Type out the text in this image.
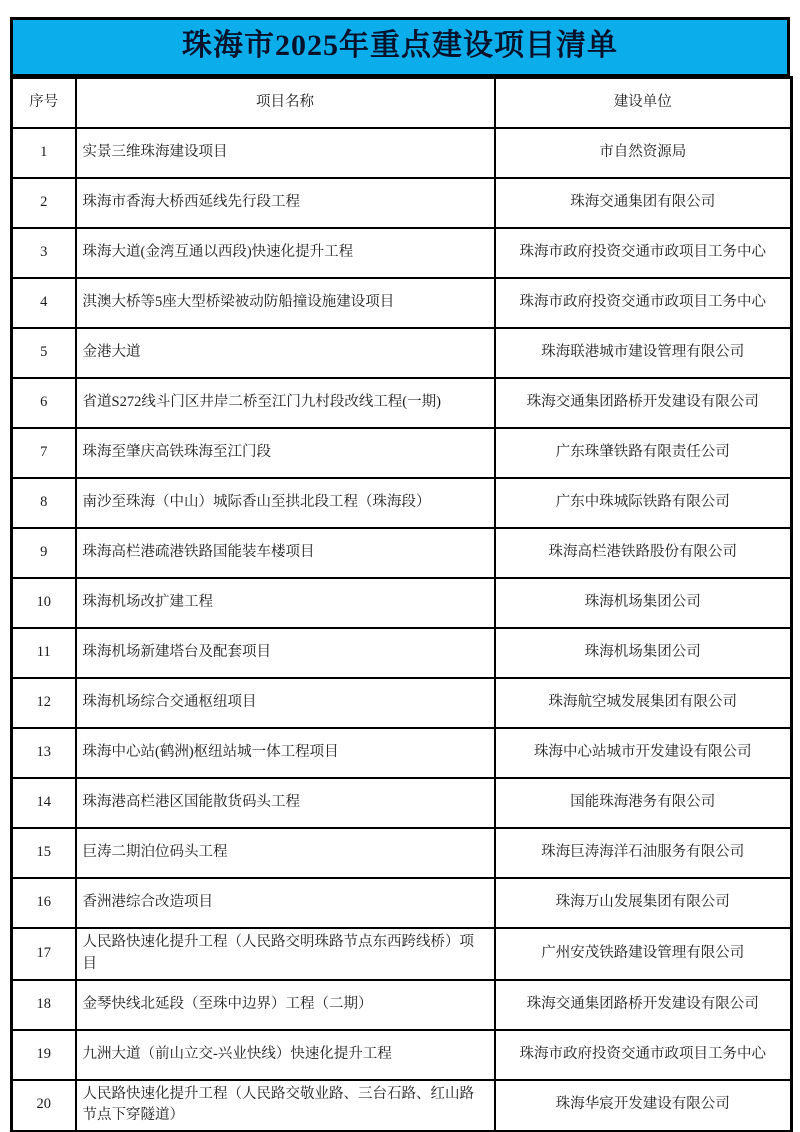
珠海市2025年重点建设项目清单
序号	项目名称	建设单位
1	实景三维珠海建设项目	市自然资源局
2	珠海市香海大桥西延线先行段工程	珠海交通集团有限公司
3	珠海大道(金湾互通以西段)快速化提升工程	珠海市政府投资交通市政项目工务中心
4	淇澳大桥等5座大型桥梁被动防船撞设施建设项目	珠海市政府投资交通市政项目工务中心
5	金港大道	珠海联港城市建设管理有限公司
6	省道S272线斗门区井岸二桥至江门九村段改线工程(一期)	珠海交通集团路桥开发建设有限公司
7	珠海至肇庆高铁珠海至江门段	广东珠肇铁路有限责任公司
8	南沙至珠海（中山）城际香山至拱北段工程（珠海段）	广东中珠城际铁路有限公司
9	珠海高栏港疏港铁路国能装车楼项目	珠海高栏港铁路股份有限公司
10	珠海机场改扩建工程	珠海机场集团公司
11	珠海机场新建塔台及配套项目	珠海机场集团公司
12	珠海机场综合交通枢纽项目	珠海航空城发展集团有限公司
13	珠海中心站(鹤洲)枢纽站城一体工程项目	珠海中心站城市开发建设有限公司
14	珠海港高栏港区国能散货码头工程	国能珠海港务有限公司
15	巨涛二期泊位码头工程	珠海巨涛海洋石油服务有限公司
16	香洲港综合改造项目	珠海万山发展集团有限公司
17	人民路快速化提升工程（人民路交明珠路节点东西跨线桥）项目	广州安茂铁路建设管理有限公司
18	金琴快线北延段（至珠中边界）工程（二期）	珠海交通集团路桥开发建设有限公司
19	九洲大道（前山立交-兴业快线）快速化提升工程	珠海市政府投资交通市政项目工务中心
20	人民路快速化提升工程（人民路交敬业路、三台石路、红山路节点下穿隧道）	珠海华宸开发建设有限公司
